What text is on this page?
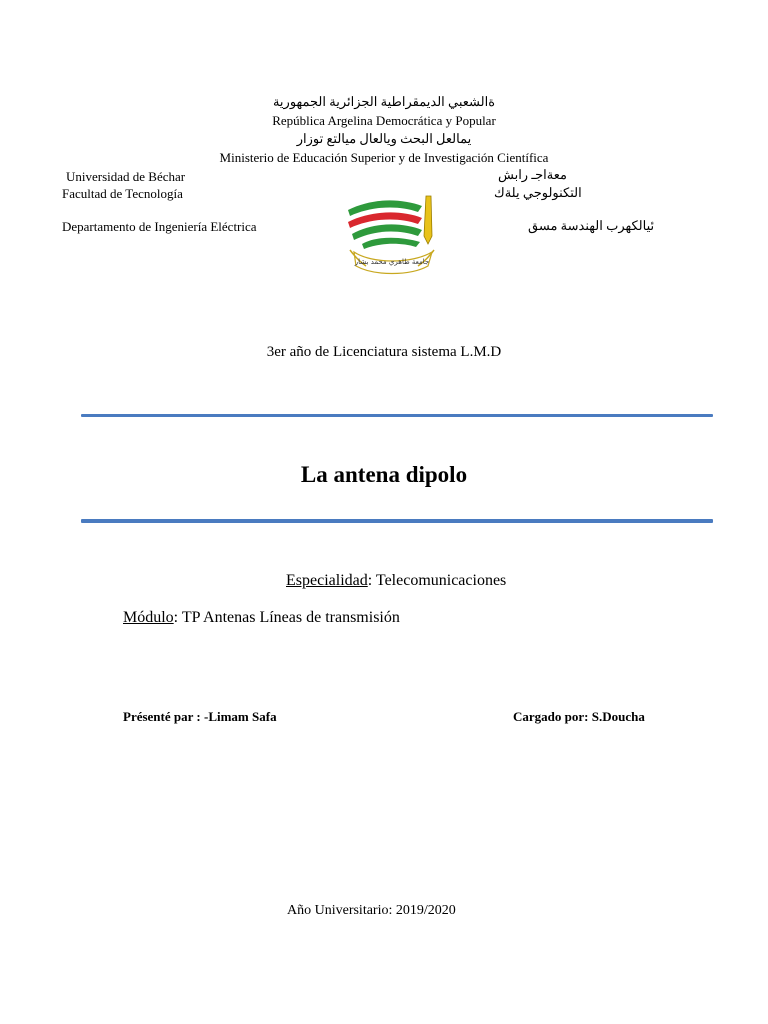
ةالشعبي الديمقراطية الجزائرية الجمهورية
República Argelina Democrática y Popular
يمالعل البحث ويالعال ميالتع توزار
Ministerio de Educación Superior y de Investigación Científica
Universidad de Béchar
Facultad de Tecnología
Departamento de Ingeniería Eléctrica
معةاجـ رابش
التكنولوجي يلةك
ئيالكهرب الهندسة مسق
جامعة طاهري محمد بشار
3er año de Licenciatura sistema L.M.D
La antena dipolo
Especialidad: Telecomunicaciones
Módulo: TP Antenas Líneas de transmisión
Présenté par : -Limam Safa	Cargado por: S.Doucha
Año Universitario: 2019/2020
